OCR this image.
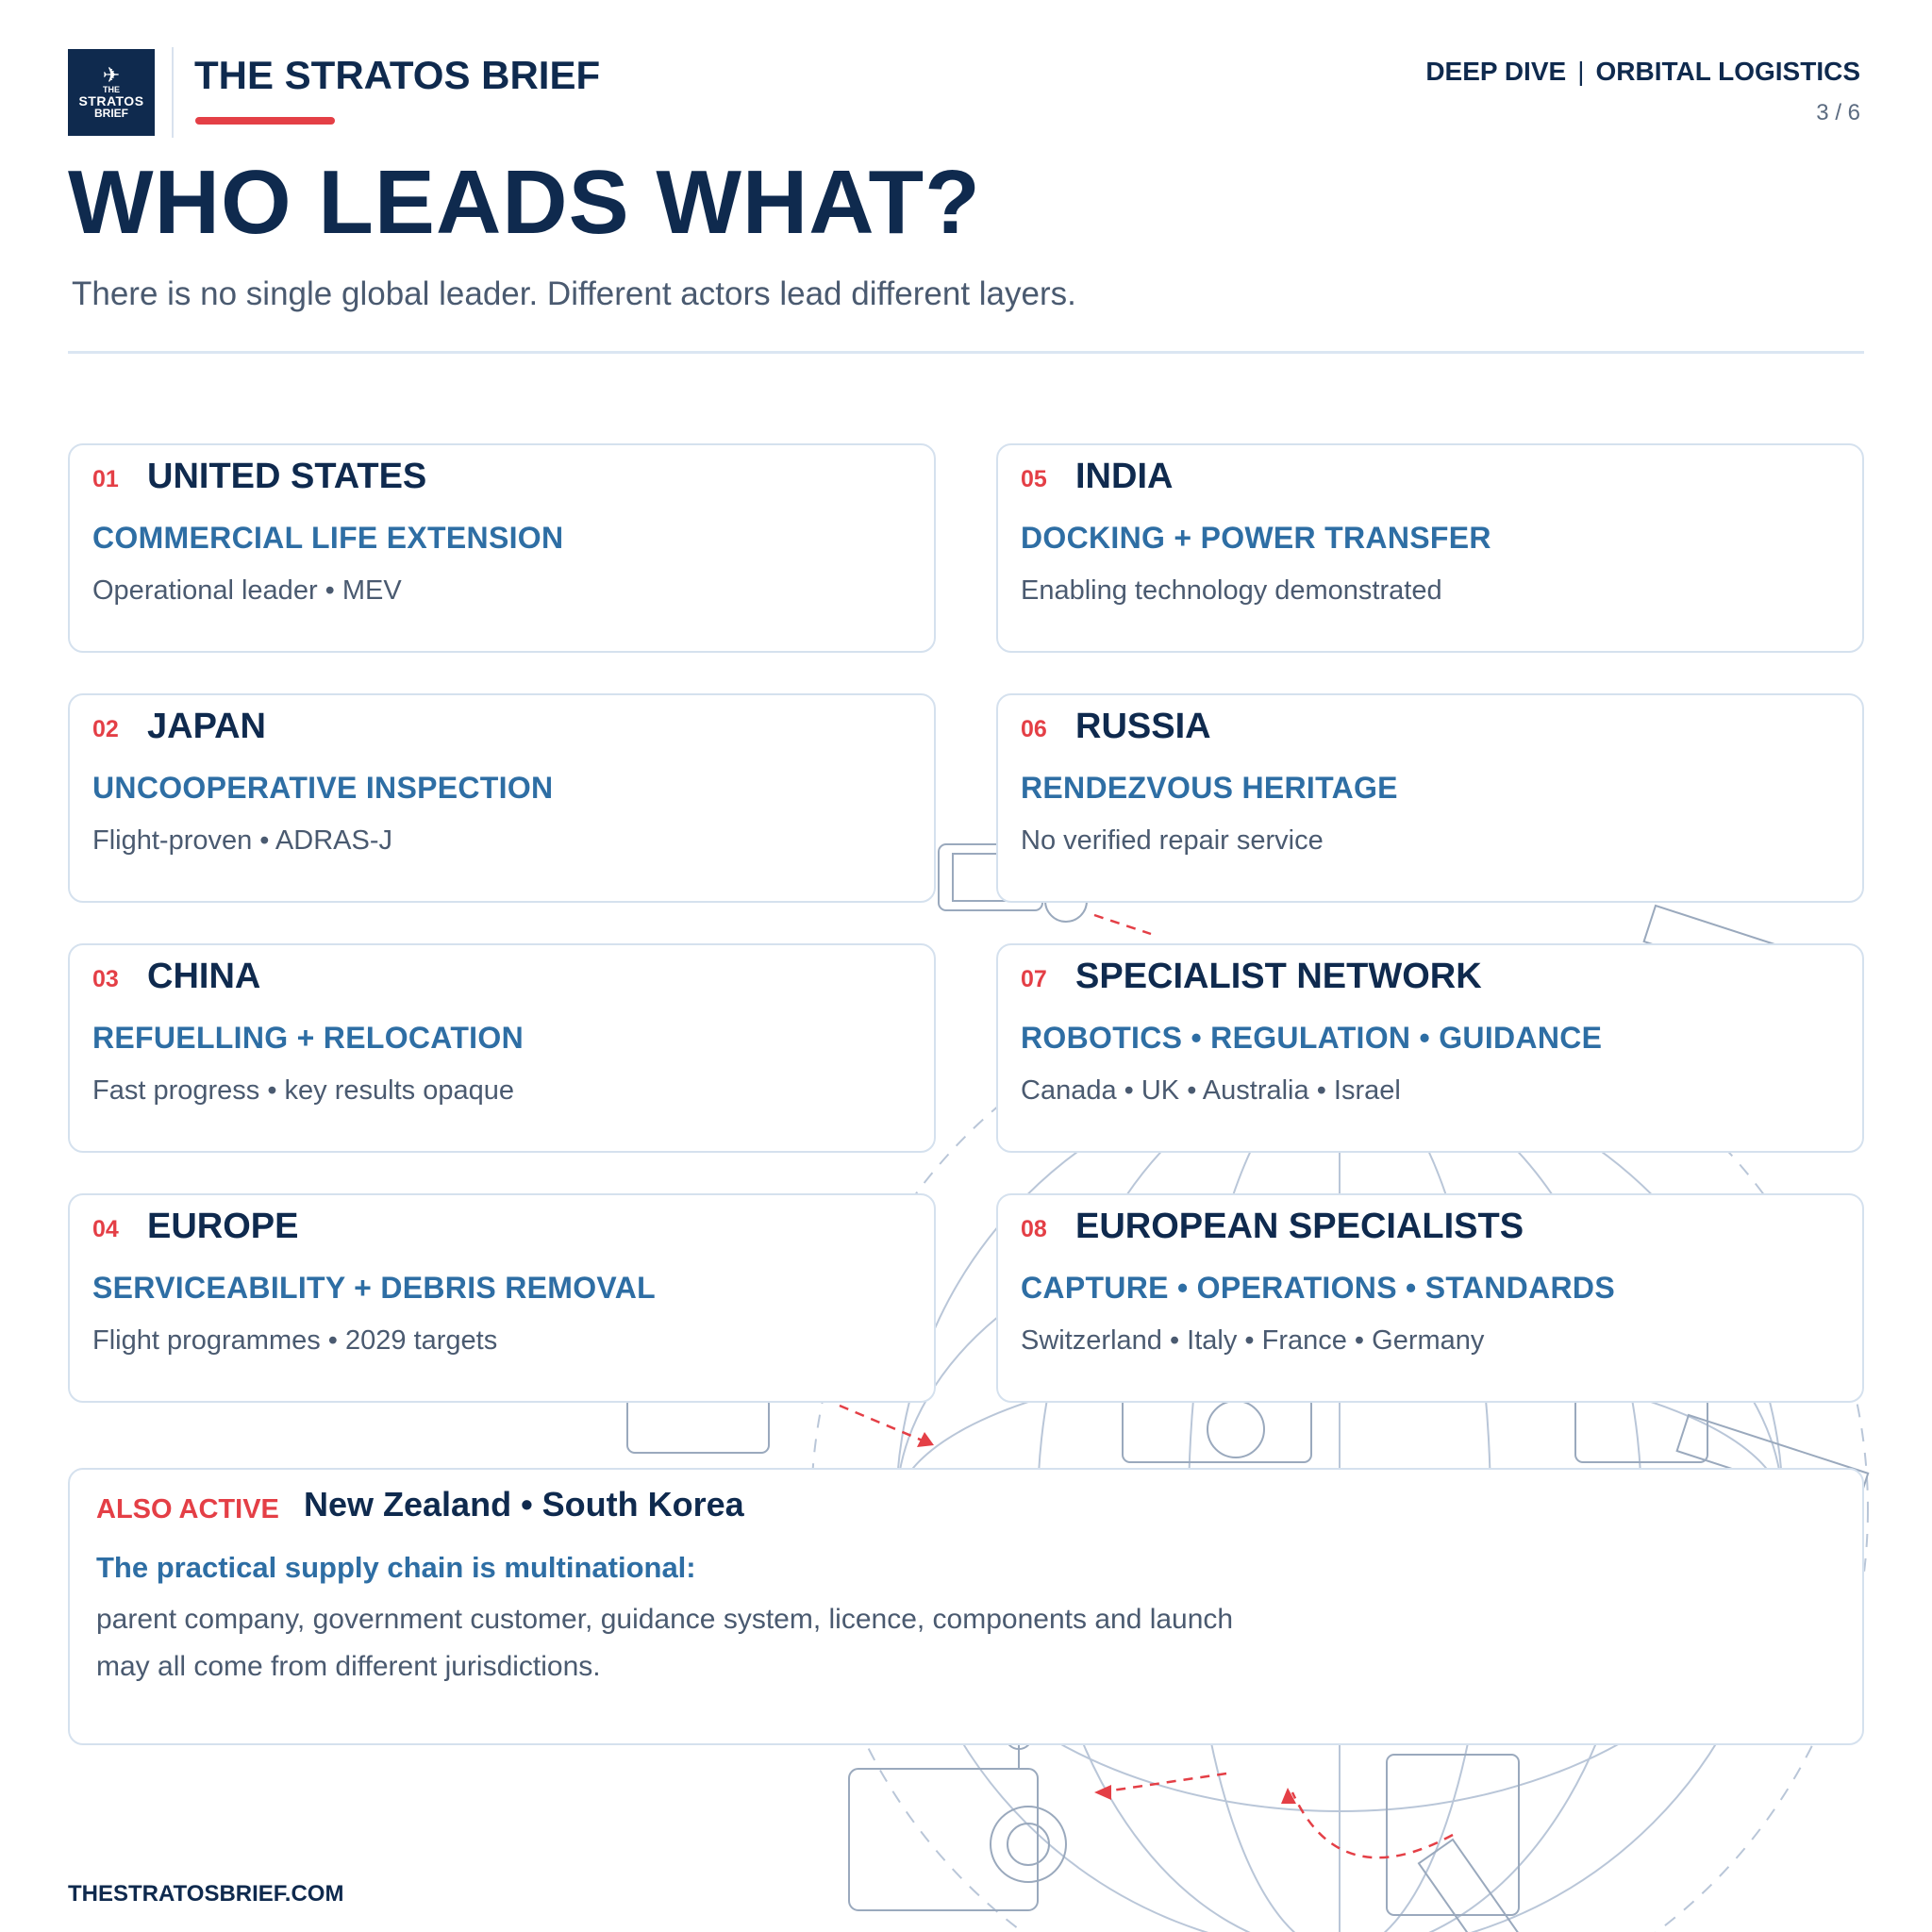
✈
THE
STRATOS
BRIEF
THE STRATOS BRIEF	DEEP DIVE | ORBITAL LOGISTICS
3 / 6
WHO LEADS WHAT?
There is no single global leader. Different actors lead different layers.
01 UNITED STATES
COMMERCIAL LIFE EXTENSION
Operational leader • MEV
02 JAPAN
UNCOOPERATIVE INSPECTION
Flight-proven • ADRAS-J
03 CHINA
REFUELLING + RELOCATION
Fast progress • key results opaque
04 EUROPE
SERVICEABILITY + DEBRIS REMOVAL
Flight programmes • 2029 targets
05 INDIA
DOCKING + POWER TRANSFER
Enabling technology demonstrated
06 RUSSIA
RENDEZVOUS HERITAGE
No verified repair service
07 SPECIALIST NETWORK
ROBOTICS • REGULATION • GUIDANCE
Canada • UK • Australia • Israel
08 EUROPEAN SPECIALISTS
CAPTURE • OPERATIONS • STANDARDS
Switzerland • Italy • France • Germany
ALSO ACTIVE New Zealand • South Korea
The practical supply chain is multinational:
parent company, government customer, guidance system, licence, components and launch
may all come from different jurisdictions.
THESTRATOSBRIEF.COM
